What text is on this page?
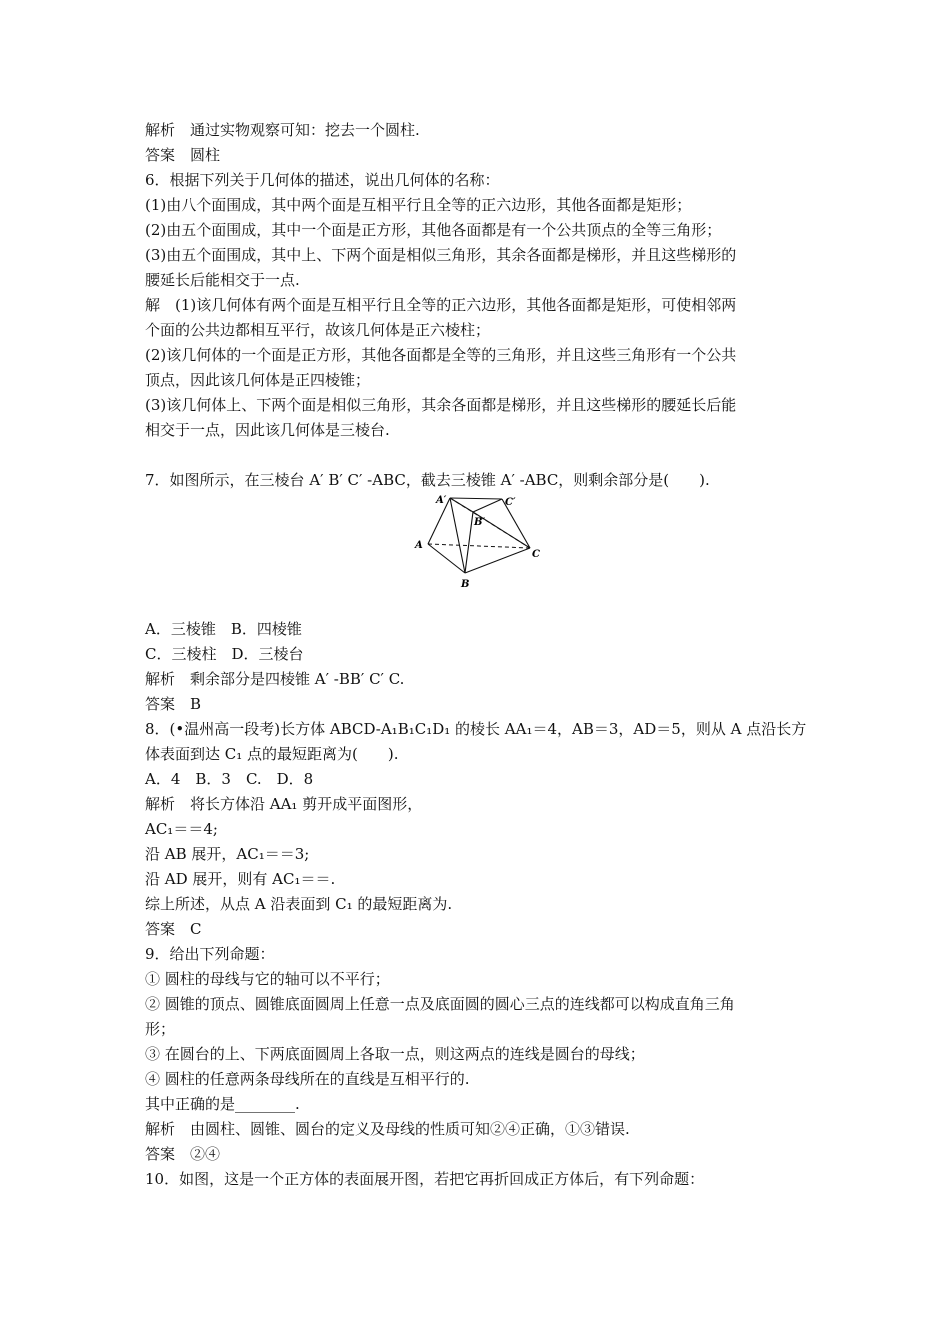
解析　通过实物观察可知：挖去一个圆柱.

答案　圆柱

6．根据下列关于几何体的描述，说出几何体的名称：

(1)由八个面围成，其中两个面是互相平行且全等的正六边形，其他各面都是矩形；

(2)由五个面围成，其中一个面是正方形，其他各面都是有一个公共顶点的全等三角形；

(3)由五个面围成，其中上、下两个面是相似三角形，其余各面都是梯形，并且这些梯形的

腰延长后能相交于一点.

解　(1)该几何体有两个面是互相平行且全等的正六边形，其他各面都是矩形，可使相邻两

个面的公共边都相互平行，故该几何体是正六棱柱；

(2)该几何体的一个面是正方形，其他各面都是全等的三角形，并且这些三角形有一个公共

顶点，因此该几何体是正四棱锥；

(3)该几何体上、下两个面是相似三角形，其余各面都是梯形，并且这些梯形的腰延长后能

相交于一点，因此该几何体是三棱台.

7．如图所示，在三棱台 A′ B′ C′ -ABC，截去三棱锥 A′ -ABC，则剩余部分是(　　).

A′	C′
B′
A
C
B

A．三棱锥　B．四棱锥

C．三棱柱　D．三棱台

解析　剩余部分是四棱锥 A′ -BB′ C′ C.

答案　B

8．(•温州高一段考)长方体 ABCD-A₁B₁C₁D₁ 的棱长 AA₁＝4，AB＝3，AD＝5，则从 A 点沿长方

体表面到达 C₁ 点的最短距离为(　　).

A．4　B．3　C.　D．8

解析　将长方体沿 AA₁ 剪开成平面图形，

AC₁＝＝4;

沿 AB 展开，AC₁＝＝3;

沿 AD 展开，则有 AC₁＝＝.

综上所述，从点 A 沿表面到 C₁ 的最短距离为.

答案　C

9．给出下列命题：

① 圆柱的母线与它的轴可以不平行；

② 圆锥的顶点、圆锥底面圆周上任意一点及底面圆的圆心三点的连线都可以构成直角三角

形；

③ 在圆台的上、下两底面圆周上各取一点，则这两点的连线是圆台的母线；

④ 圆柱的任意两条母线所在的直线是互相平行的.

其中正确的是________.

解析　由圆柱、圆锥、圆台的定义及母线的性质可知②④正确，①③错误.

答案　②④

10．如图，这是一个正方体的表面展开图，若把它再折回成正方体后，有下列命题：
